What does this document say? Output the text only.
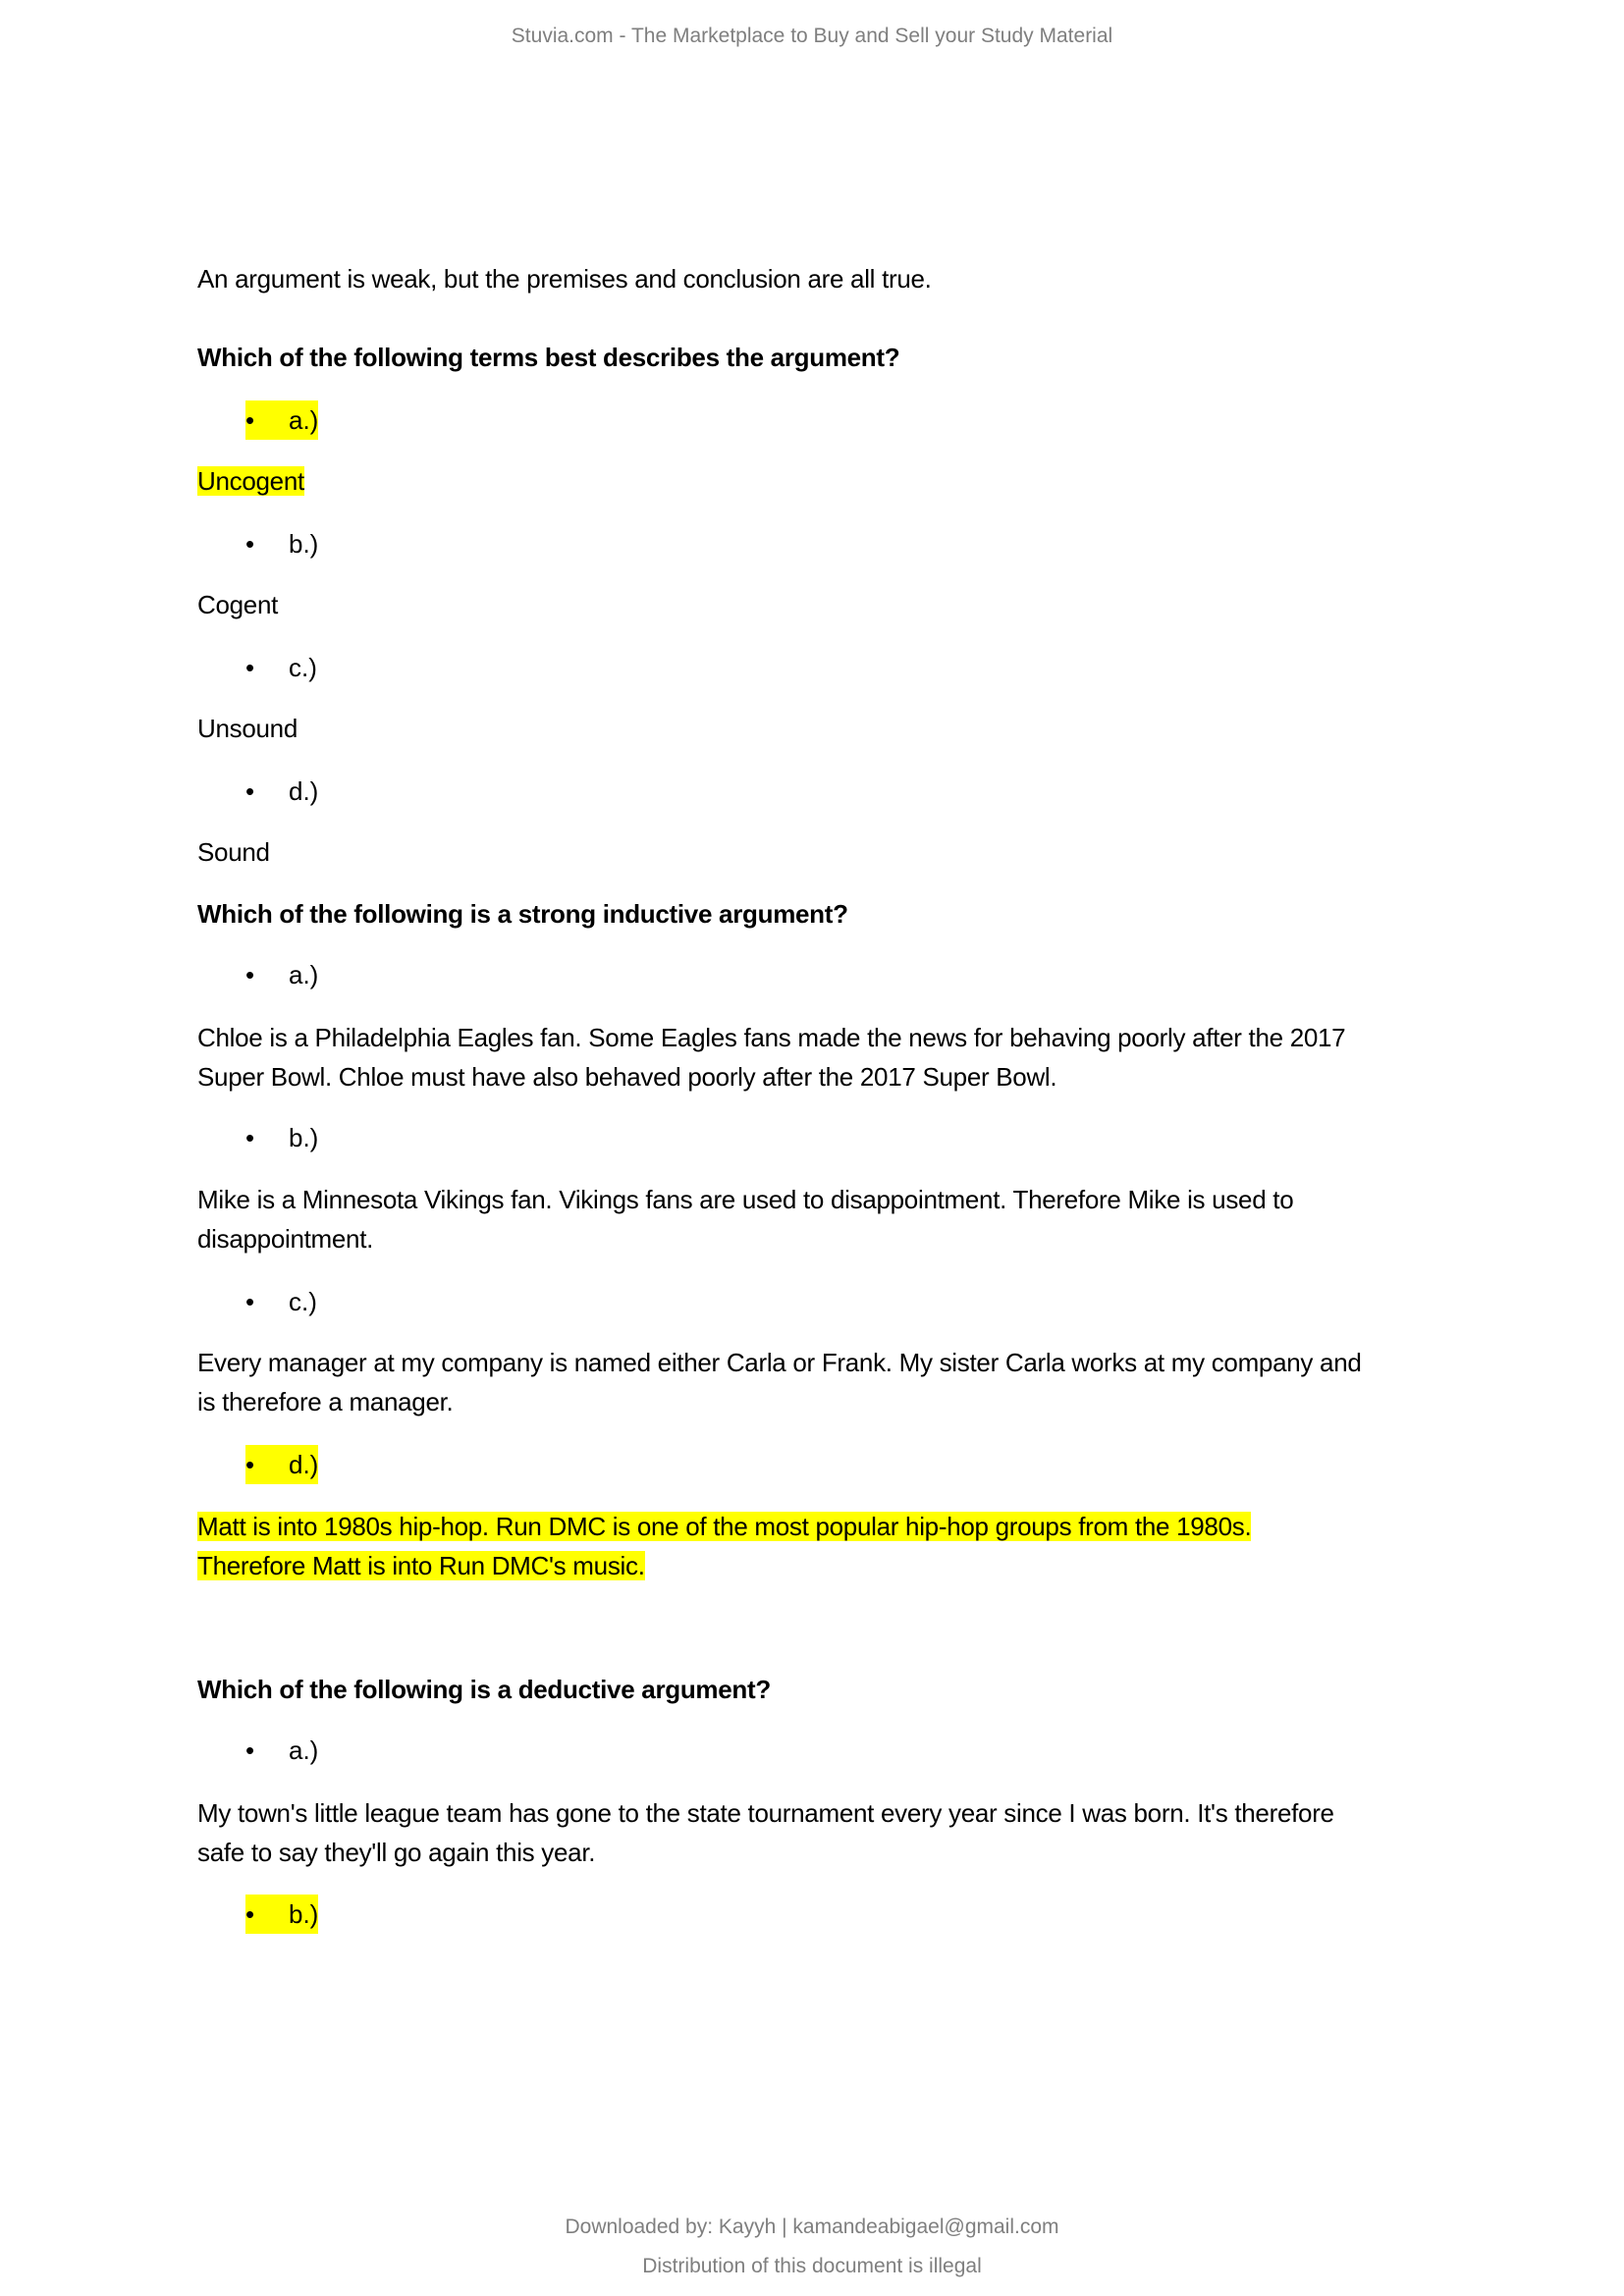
Stuvia.com - The Marketplace to Buy and Sell your Study Material
An argument is weak, but the premises and conclusion are all true.
Which of the following terms best describes the argument?
• a.)
Uncogent
• b.)
Cogent
• c.)
Unsound
• d.)
Sound
Which of the following is a strong inductive argument?
• a.)
Chloe is a Philadelphia Eagles fan. Some Eagles fans made the news for behaving poorly after the 2017
Super Bowl. Chloe must have also behaved poorly after the 2017 Super Bowl.
• b.)
Mike is a Minnesota Vikings fan. Vikings fans are used to disappointment. Therefore Mike is used to
disappointment.
• c.)
Every manager at my company is named either Carla or Frank. My sister Carla works at my company and
is therefore a manager.
• d.)
Matt is into 1980s hip-hop. Run DMC is one of the most popular hip-hop groups from the 1980s.
Therefore Matt is into Run DMC's music.
Which of the following is a deductive argument?
• a.)
My town's little league team has gone to the state tournament every year since I was born. It's therefore
safe to say they'll go again this year.
• b.)
Downloaded by: Kayyh | kamandeabigael@gmail.com
Distribution of this document is illegal
